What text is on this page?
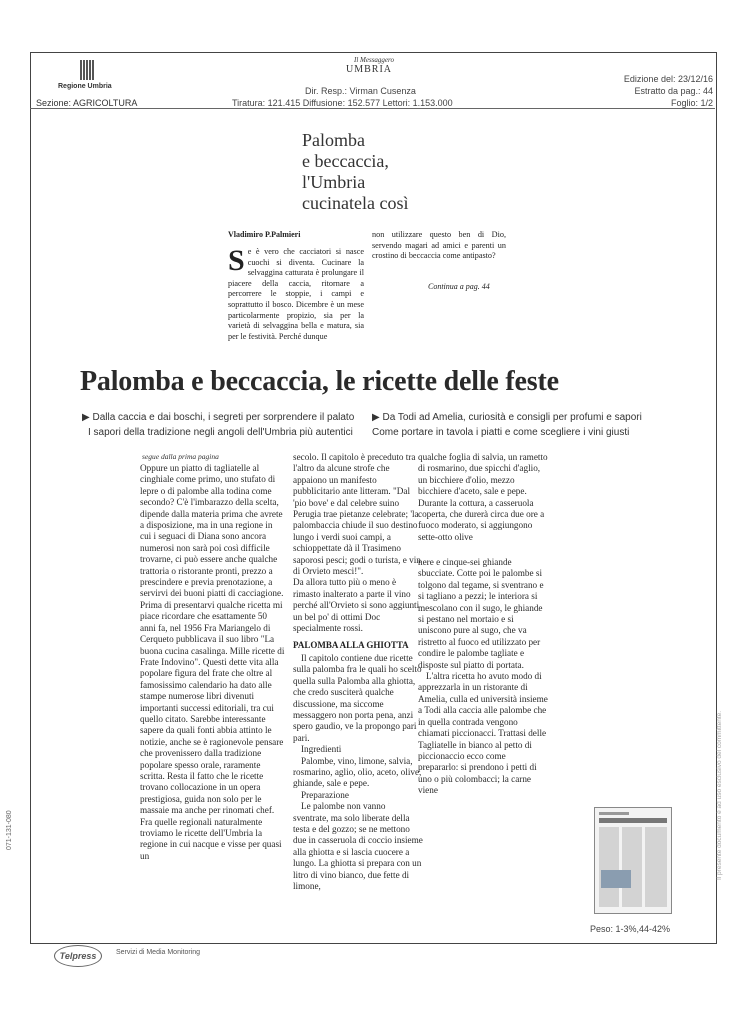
Regione Umbria
Sezione: AGRICOLTURA
Il Messaggero
UMBRIA
Dir. Resp.: Virman Cusenza
Tiratura: 121.415 Diffusione: 152.577 Lettori: 1.153.000
Edizione del: 23/12/16
Estratto da pag.: 44
Foglio: 1/2
Palomba
e beccaccia,
l'Umbria
cucinatela così
Vladimiro P.Palmieri
Se è vero che cacciatori si nasce cuochi si diventa. Cucinare la selvaggina catturata è prolungare il piacere della caccia, ritornare a percorrere le stoppie, i campi e soprattutto il bosco. Dicembre è un mese particolarmente propizio, sia per la varietà di selvaggina bella e matura, sia per le festività. Perché dunque
non utilizzare questo ben di Dio, servendo magari ad amici e parenti un crostino di beccaccia come antipasto?
Continua a pag. 44
Palomba e beccaccia, le ricette delle feste
▶ Dalla caccia e dai boschi, i segreti per sorprendere il palato
I sapori della tradizione negli angoli dell'Umbria più autentici
▶ Da Todi ad Amelia, curiosità e consigli per profumi e sapori
Come portare in tavola i piatti e come scegliere i vini giusti
segue dalla prima pagina
Oppure un piatto di tagliatelle al cinghiale come primo, uno stufato di lepre o di palombe alla todina come secondo? C'è l'imbarazzo della scelta, dipende dalla materia prima che avrete a disposizione, ma in una regione in cui i seguaci di Diana sono ancora numerosi non sarà poi così difficile trovarne, ci può essere anche qualche trattoria o ristorante pronti, prezzo a prescindere e previa prenotazione, a servirvi dei buoni piatti di cacciagione. Prima di presentarvi qualche ricetta mi piace ricordare che esattamente 50 anni fa, nel 1956 Fra Mariangelo di Cerqueto pubblicava il suo libro "La buona cucina casalinga. Mille ricette di Frate Indovino". Questi dette vita alla popolare figura del frate che oltre al famosissimo calendario ha dato alle stampe numerose libri divenuti importanti successi editoriali, tra cui quello citato. Sarebbe interessante sapere da quali fonti abbia attinto le notizie, anche se è ragionevole pensare che provenissero dalla tradizione popolare spesso orale, raramente scritta. Resta il fatto che le ricette trovano collocazione in un opera prestigiosa, guida non solo per le massaie ma anche per rinomati chef. Fra quelle regionali naturalmente troviamo le ricette dell'Umbria la regione in cui nacque e visse per quasi un

secolo. Il capitolo è preceduto tra l'altro da alcune strofe che appaiono un manifesto pubblicitario ante litteram. "Dal 'pio bove' e dal celebre suino Perugia trae pietanze celebrate; 'la palombaccia chiude il suo destino lungo i verdi suoi campi, a schioppettate dà il Trasimeno saporosi pesci; godi o turista, e vin di Orvieto mesci!".

Da allora tutto più o meno è rimasto inalterato a parte il vino perché all'Orvieto si sono aggiunti un bel po' di ottimi Doc specialmente rossi.

PALOMBA ALLA GHIOTTA

Il capitolo contiene due ricette sulla palomba fra le quali ho scelto quella sulla Palomba alla ghiotta, che credo susciterà qualche discussione, ma siccome messaggero non porta pena, anzi spero gaudio, ve la propongo pari pari.

Ingredienti

Palombe, vino, limone, salvia, rosmarino, aglio, olio, aceto, olive, ghiande, sale e pepe.

Preparazione

Le palombe non vanno sventrate, ma solo liberate della testa e del gozzo; se ne mettono due in casseruola di coccio insieme alla ghiotta e si lascia cuocere a lungo. La ghiotta si prepara con un litro di vino bianco, due fette di limone,

qualche foglia di salvia, un rametto di rosmarino, due spicchi d'aglio, un bicchiere d'olio, mezzo bicchiere d'aceto, sale e pepe. Durante la cottura, a casseruola coperta, che durerà circa due ore a fuoco moderato, si aggiungono sette-otto olive

nere e cinque-sei ghiande sbucciate. Cotte poi le palombe si tolgono dal tegame, si sventrano e si tagliano a pezzi; le interiora si mescolano con il sugo, le ghiande si pestano nel mortaio e si uniscono pure al sugo, che va ristretto al fuoco ed utilizzato per condire le palombe tagliate e disposte sul piatto di portata.

L'altra ricetta ho avuto modo di apprezzarla in un ristorante di Amelia, culla ed università insieme a Todi alla caccia alle palombe che in quella contrada vengono chiamati piccionacci. Trattasi delle Tagliatelle in bianco al petto di piccionaccio ecco come prepararlo: si prendono i petti di uno o più colombacci; la carne viene

Peso: 1-3%,44-42%
Telpress	Servizi di Media Monitoring
071-131-080	Il presente documento è ad uso esclusivo del committente.
